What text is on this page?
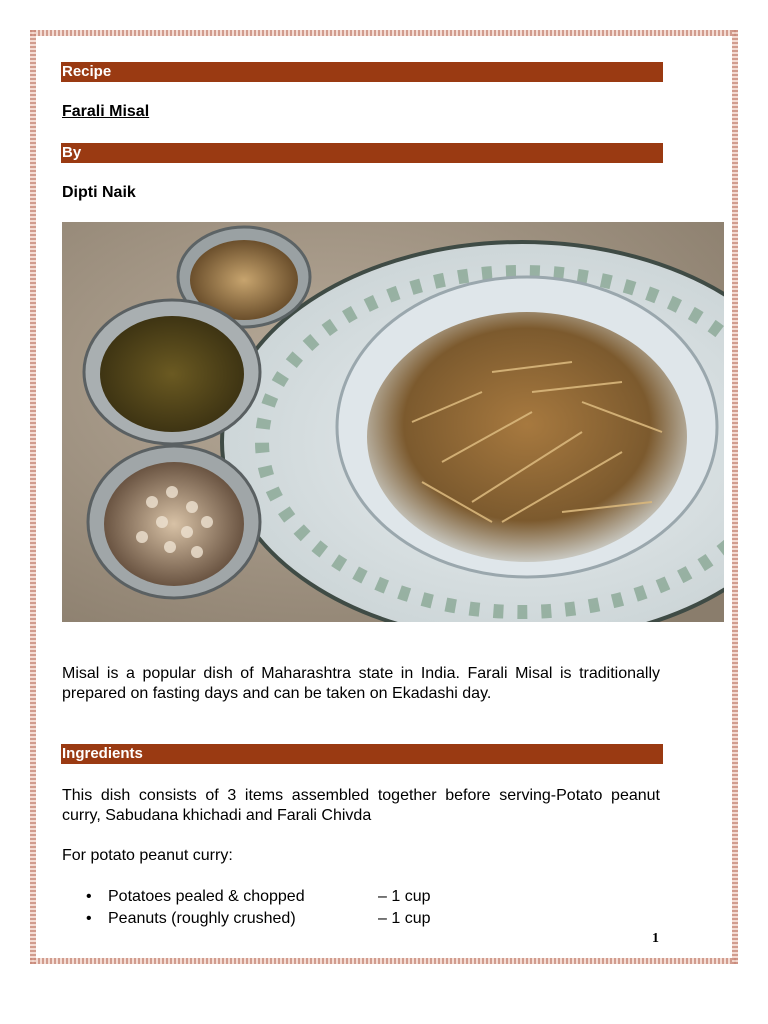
Recipe
Farali Misal
By
Dipti Naik
Misal is a popular dish of Maharashtra state in India. Farali Misal is traditionally prepared on fasting days and can be taken on Ekadashi day.
Ingredients
This dish consists of 3 items assembled together before serving-Potato peanut curry, Sabudana khichadi and Farali Chivda
For potato peanut curry:
• Potatoes pealed & chopped	– 1 cup
• Peanuts (roughly crushed)	– 1 cup
1
